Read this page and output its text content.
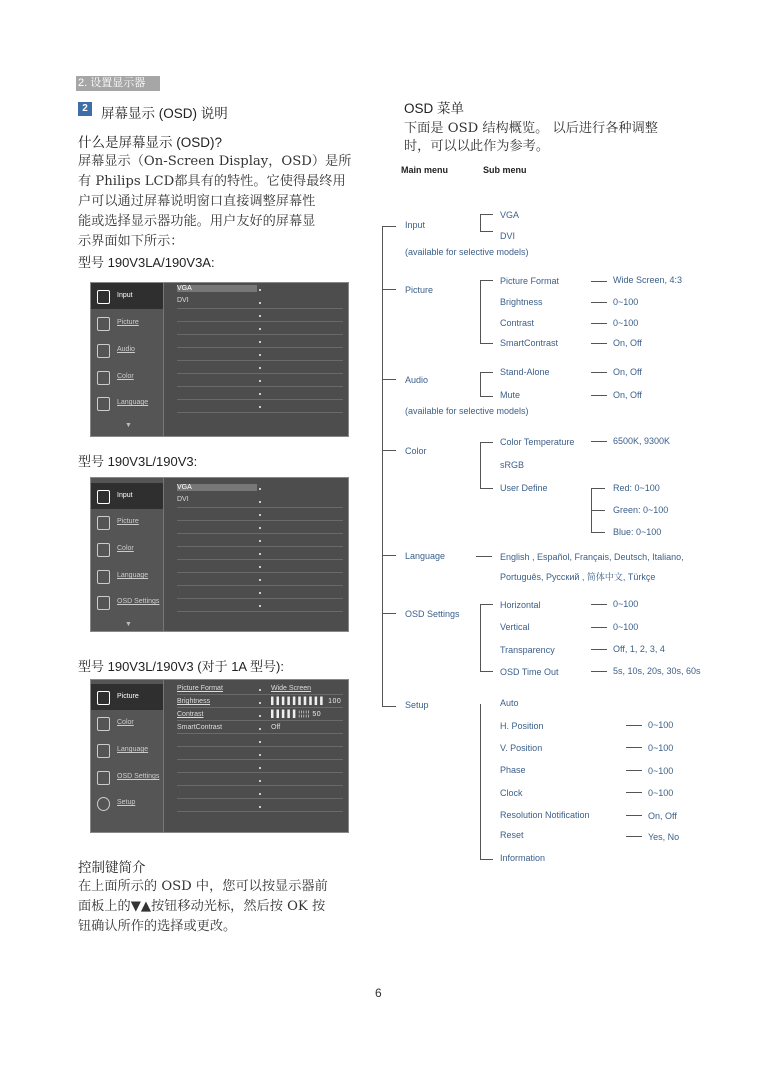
2. 设置显示器
2 屏幕显示 (OSD) 说明
什么是屏幕显示 (OSD)?
屏幕显示（On-Screen Display，OSD）是所
有 Philips LCD都具有的特性。它使得最终用
户可以通过屏幕说明窗口直接调整屏幕性
能或选择显示器功能。用户友好的屏幕显
示界面如下所示：
型号 190V3LA/190V3A:
Input
Picture
Audio
Color
Language
▼
VGA
DVI
型号 190V3L/190V3:
Input
Picture
Color
Language
OSD Settings
▼
VGA
DVI
型号 190V3L/190V3 (对于 1A 型号):
Picture
Color
Language
OSD Settings
Setup
Picture Format
Brightness
Contrast
SmartContrast
Wide Screen
▌▌▌▌▌▌▌▌▌▌ 100
▌▌▌▌▌¦¦¦¦¦ 50
Off
控制键简介
在上面所示的 OSD 中，您可以按显示器前
面板上的▼▲按钮移动光标，然后按 OK 按
钮确认所作的选择或更改。
OSD 菜单
下面是 OSD 结构概览。 以后进行各种调整
时，可以以此作为参考。
Main menu	Sub menu
Input
(available for selective models)
Picture
Audio
(available for selective models)
Color
Language
OSD Settings
Setup
VGA
DVI
Picture Format
Brightness
Contrast
SmartContrast
Wide Screen, 4:3
0~100
0~100
On, Off
Stand-Alone
Mute
On, Off
On, Off
Color Temperature
sRGB
User Define
6500K, 9300K
Red: 0~100
Green: 0~100
Blue: 0~100
English , Español, Français, Deutsch, Italiano,
Português, Русский , 简体中文, Türkçe
Horizontal
Vertical
Transparency
OSD Time Out
0~100
0~100
Off, 1, 2, 3, 4
5s, 10s, 20s, 30s, 60s
Auto
H. Position
V. Position
Phase
Clock
Resolution Notification
Reset
Information
0~100
0~100
0~100
0~100
On, Off
Yes, No
6
